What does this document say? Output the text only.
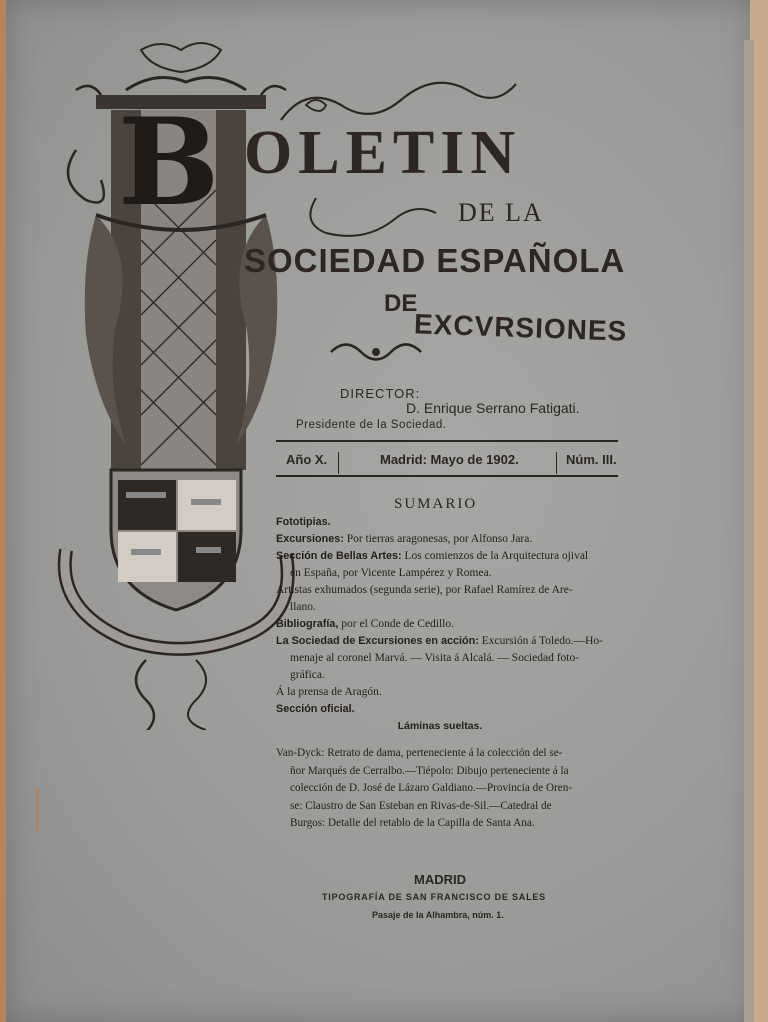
B OLETIN
DE LA
SOCIEDAD ESPAÑOLA
DE
EXCVRSIONES
DIRECTOR:
D. Enrique Serrano Fatigati.
Presidente de la Sociedad.
Año X.	Madrid: Mayo de 1902.	Núm. III.
SUMARIO
Fototipias.
Excursiones: Por tierras aragonesas, por Alfonso Jara.
Sección de Bellas Artes: Los comienzos de la Arquitectura ojival
en España, por Vicente Lampérez y Romea.
Artistas exhumados (segunda serie), por Rafael Ramírez de Are-
llano.
Bibliografía, por el Conde de Cedillo.
La Sociedad de Excursiones en acción: Excursión á Toledo.—Ho-
menaje al coronel Marvá. — Visita á Alcalá. — Sociedad foto-
gráfica.
Á la prensa de Aragón.
Sección oficial.
Láminas sueltas.
Van-Dyck: Retrato de dama, perteneciente á la colección del se-
ñor Marqués de Cerralbo.—Tiépolo: Dibujo perteneciente á la
colección de D. José de Lázaro Galdiano.—Provincia de Oren-
se: Claustro de San Esteban en Rivas-de-Sil.—Catedral de
Burgos: Detalle del retablo de la Capilla de Santa Ana.
MADRID
TIPOGRAFÍA DE SAN FRANCISCO DE SALES
Pasaje de la Alhambra, núm. 1.
